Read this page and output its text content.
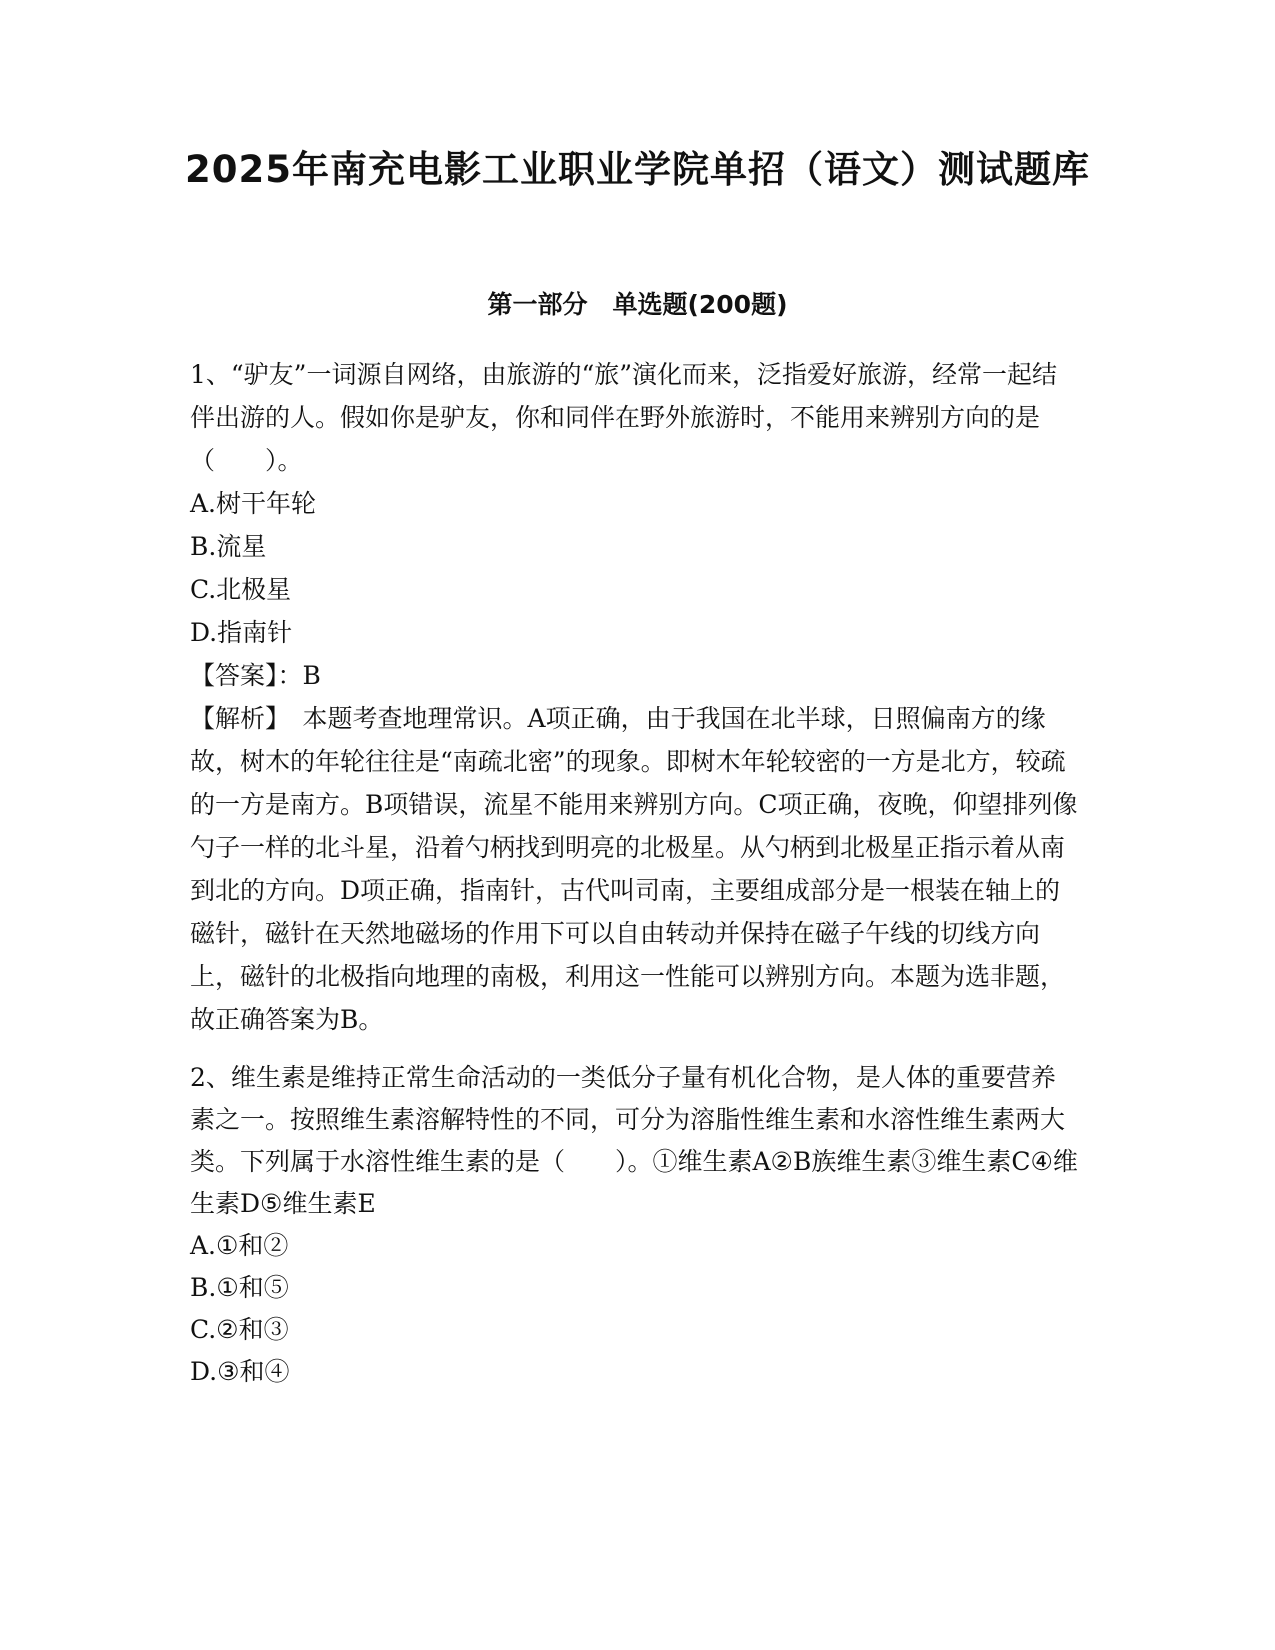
2025年南充电影工业职业学院单招（语文）测试题库
第一部分　单选题(200题)

1、“驴友”一词源自网络，由旅游的“旅”演化而来，泛指爱好旅游，经常一起结伴出游的人。假如你是驴友，你和同伴在野外旅游时，不能用来辨别方向的是（　　）。

A.树干年轮

B.流星

C.北极星

D.指南针

【答案】：B

【解析】　本题考查地理常识。A项正确，由于我国在北半球，日照偏南方的缘故，树木的年轮往往是“南疏北密”的现象。即树木年轮较密的一方是北方，较疏的一方是南方。B项错误，流星不能用来辨别方向。C项正确，夜晚，仰望排列像勺子一样的北斗星，沿着勺柄找到明亮的北极星。从勺柄到北极星正指示着从南到北的方向。D项正确，指南针，古代叫司南，主要组成部分是一根装在轴上的磁针，磁针在天然地磁场的作用下可以自由转动并保持在磁子午线的切线方向上，磁针的北极指向地理的南极，利用这一性能可以辨别方向。本题为选非题，故正确答案为B。

2、维生素是维持正常生命活动的一类低分子量有机化合物，是人体的重要营养素之一。按照维生素溶解特性的不同，可分为溶脂性维生素和水溶性维生素两大类。下列属于水溶性维生素的是（　　）。①维生素A②B族维生素③维生素C④维生素D⑤维生素E

A.①和②

B.①和⑤

C.②和③

D.③和④
